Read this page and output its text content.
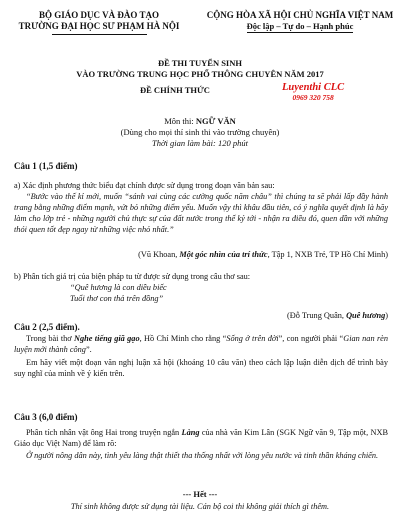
BỘ GIÁO DỤC VÀ ĐÀO TẠO
TRƯỜNG ĐẠI HỌC SƯ PHẠM HÀ NỘI
CỘNG HÒA XÃ HỘI CHỦ NGHĨA VIỆT NAM
Độc lập – Tự do – Hạnh phúc
ĐỀ THI TUYỂN SINH
VÀO TRƯỜNG TRUNG HỌC PHỔ THÔNG CHUYÊN NĂM 2017
ĐỀ CHÍNH THỨC	Luyenthi CLC
0969 320 758
Môn thi: NGỮ VĂN
(Dùng cho mọi thí sinh thi vào trường chuyên)
Thời gian làm bài: 120 phút
Câu 1 (1,5 điểm)
a) Xác định phương thức biểu đạt chính được sử dụng trong đoạn văn bản sau:
“Bước vào thế kỉ mới, muốn “sánh vai cùng các cường quốc năm châu” thì chúng ta sẽ phải lấp đầy hành trang bằng những điểm mạnh, vứt bỏ những điểm yếu. Muốn vậy thì khâu đầu tiên, có ý nghĩa quyết định là hãy làm cho lớp trẻ - những người chủ thực sự của đất nước trong thế kỷ tới - nhận ra điều đó, quen dần với những thói quen tốt đẹp ngay từ những việc nhỏ nhất.”
(Vũ Khoan, Một góc nhìn của trí thức, Tập 1, NXB Trẻ, TP Hồ Chí Minh)
b) Phân tích giá trị của biện pháp tu từ được sử dụng trong câu thơ sau:
“Quê hương là con diều biếc
Tuổi thơ con thả trên đồng”
(Đỗ Trung Quân, Quê hương)
Câu 2 (2,5 điểm).
Trong bài thơ Nghe tiếng giã gạo, Hồ Chí Minh cho rằng “Sống ở trên đời”, con người phải “Gian nan rèn luyện mới thành công”.
Em hãy viết một đoạn văn nghị luận xã hội (khoảng 10 câu văn) theo cách lập luận diễn dịch để trình bày suy nghĩ của mình về ý kiến trên.
Câu 3 (6,0 điểm)
Phân tích nhân vật ông Hai trong truyện ngắn Làng của nhà văn Kim Lân (SGK Ngữ văn 9, Tập một, NXB Giáo dục Việt Nam) để làm rõ:
Ở người nông dân này, tình yêu làng thật thiết tha thống nhất với lòng yêu nước và tinh thần kháng chiến.
--- Hết ---
Thí sinh không được sử dụng tài liệu. Cán bộ coi thi không giải thích gì thêm.
